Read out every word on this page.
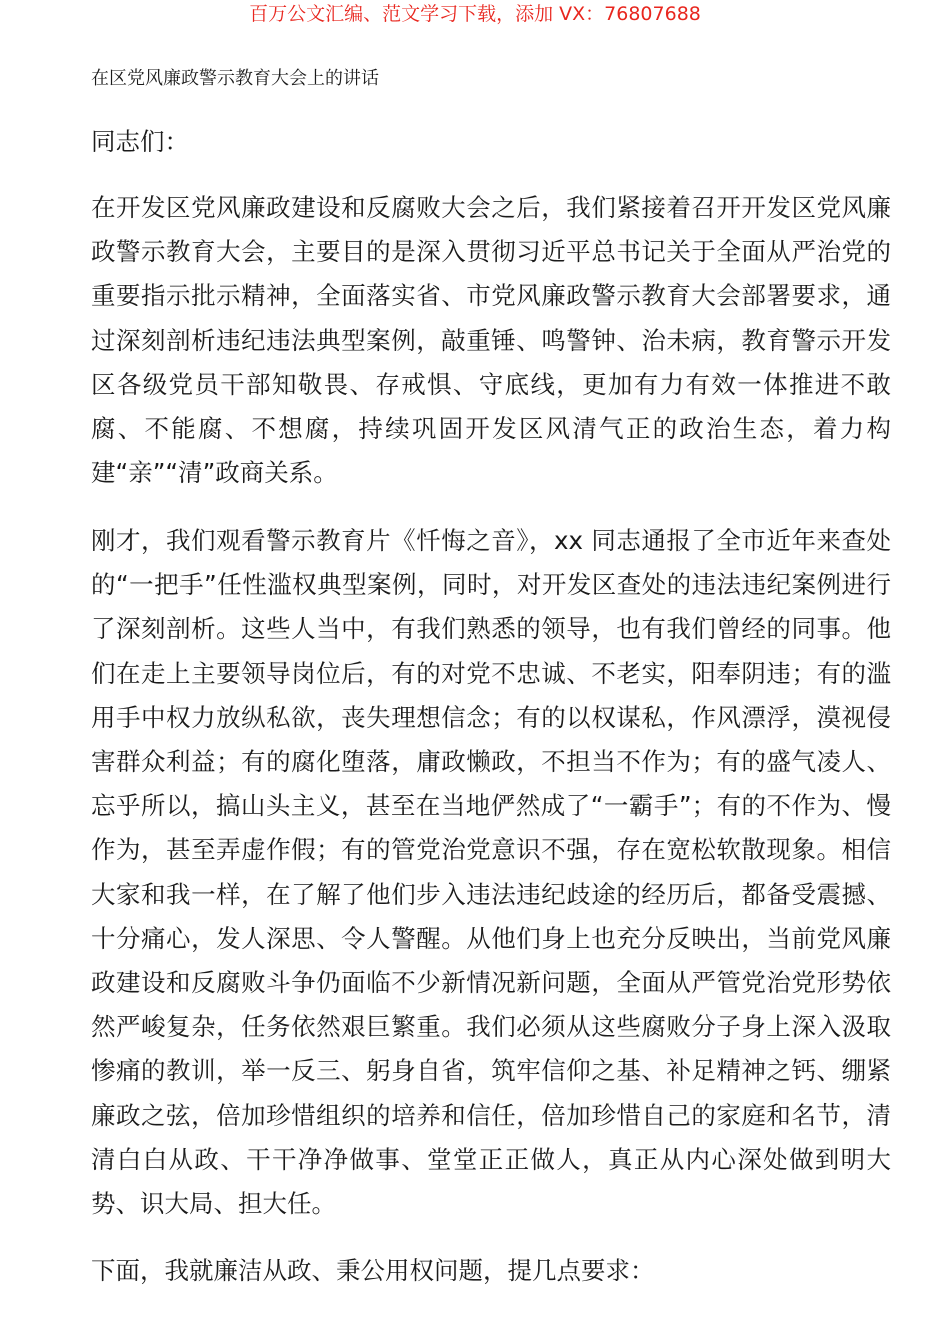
百万公文汇编、范文学习下载，添加 VX：76807688
在区党风廉政警示教育大会上的讲话

同志们：

在开发区党风廉政建设和反腐败大会之后，我们紧接着召开开发区党风廉政警示教育大会，主要目的是深入贯彻习近平总书记关于全面从严治党的重要指示批示精神，全面落实省、市党风廉政警示教育大会部署要求，通过深刻剖析违纪违法典型案例，敲重锤、鸣警钟、治未病，教育警示开发区各级党员干部知敬畏、存戒惧、守底线，更加有力有效一体推进不敢腐、不能腐、不想腐，持续巩固开发区风清气正的政治生态，着力构建“亲”“清”政商关系。

刚才，我们观看警示教育片《忏悔之音》，xx 同志通报了全市近年来查处的“一把手”任性滥权典型案例，同时，对开发区查处的违法违纪案例进行了深刻剖析。这些人当中，有我们熟悉的领导，也有我们曾经的同事。他们在走上主要领导岗位后，有的对党不忠诚、不老实，阳奉阴违；有的滥用手中权力放纵私欲，丧失理想信念；有的以权谋私，作风漂浮，漠视侵害群众利益；有的腐化堕落，庸政懒政，不担当不作为；有的盛气凌人、忘乎所以，搞山头主义，甚至在当地俨然成了“一霸手”；有的不作为、慢作为，甚至弄虚作假；有的管党治党意识不强，存在宽松软散现象。相信大家和我一样，在了解了他们步入违法违纪歧途的经历后，都备受震撼、十分痛心，发人深思、令人警醒。从他们身上也充分反映出，当前党风廉政建设和反腐败斗争仍面临不少新情况新问题，全面从严管党治党形势依然严峻复杂，任务依然艰巨繁重。我们必须从这些腐败分子身上深入汲取惨痛的教训，举一反三、躬身自省，筑牢信仰之基、补足精神之钙、绷紧廉政之弦，倍加珍惜组织的培养和信任，倍加珍惜自己的家庭和名节，清清白白从政、干干净净做事、堂堂正正做人，真正从内心深处做到明大势、识大局、担大任。

下面，我就廉洁从政、秉公用权问题，提几点要求：
